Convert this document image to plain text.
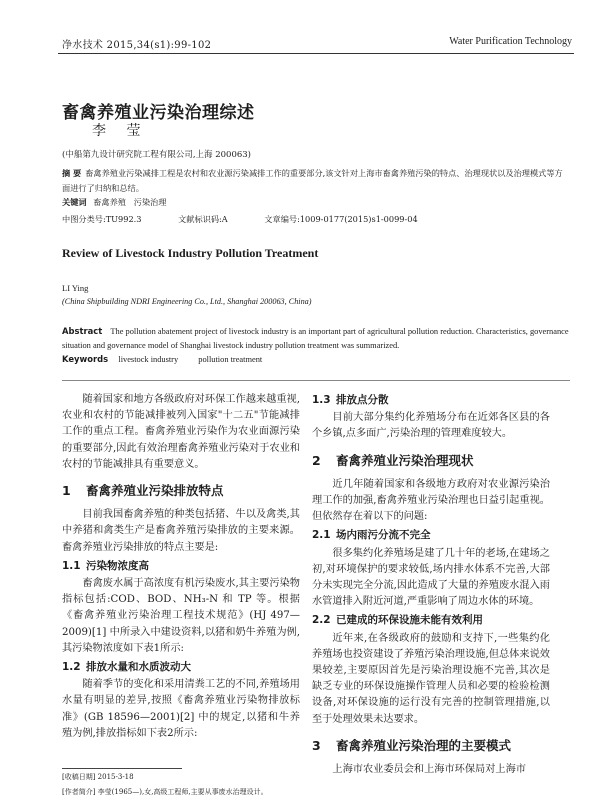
净水技术 2015,34(s1):99-102	Water Purification Technology
畜禽养殖业污染治理综述
李 莹
(中船第九设计研究院工程有限公司,上海 200063)
摘 要 畜禽养殖业污染减排工程是农村和农业源污染减排工作的重要部分,该文针对上海市畜禽养殖污染的特点、治理现状以及治理模式等方面进行了归纳和总结。
关键词 畜禽养殖 污染治理
中图分类号:TU992.3	文献标识码:A	文章编号:1009-0177(2015)s1-0099-04
Review of Livestock Industry Pollution Treatment
LI Ying
(China Shipbuilding NDRI Engineering Co., Ltd., Shanghai 200063, China)
Abstract The pollution abatement project of livestock industry is an important part of agricultural pollution reduction. Characteristics, governance situation and governance model of Shanghai livestock industry pollution treatment was summarized.
Keywords livestock industry pollution treatment

随着国家和地方各级政府对环保工作越来越重视,农业和农村的节能减排被列入国家"十二五"节能减排工作的重点工程。畜禽养殖业污染作为农业面源污染的重要部分,因此有效治理畜禽养殖业污染对于农业和农村的节能减排具有重要意义。

1 畜禽养殖业污染排放特点

目前我国畜禽养殖的种类包括猪、牛以及禽类,其中养猪和禽类生产是畜禽养殖污染排放的主要来源。畜禽养殖业污染排放的特点主要是:

1.1 污染物浓度高

畜禽废水属于高浓度有机污染废水,其主要污染物指标包括:COD、BOD、NH₃-N 和 TP 等。根据《畜禽养殖业污染治理工程技术规范》(HJ 497—2009)[1] 中所录入中建设资料,以猪和奶牛养殖为例,其污染物浓度如下表1所示:

1.2 排放水量和水质波动大

随着季节的变化和采用清粪工艺的不同,养殖场用水量有明显的差异,按照《畜禽养殖业污染物排放标准》(GB 18596—2001)[2] 中的规定,以猪和牛养殖为例,排放指标如下表2所示:

1.3 排放点分散

目前大部分集约化养殖场分布在近郊各区县的各个乡镇,点多面广,污染治理的管理难度较大。

2 畜禽养殖业污染治理现状

近几年随着国家和各级地方政府对农业源污染治理工作的加强,畜禽养殖业污染治理也日益引起重视。但依然存在着以下的问题:

2.1 场内雨污分流不完全

很多集约化养殖场是建了几十年的老场,在建场之初,对环境保护的要求较低,场内排水体系不完善,大部分未实现完全分流,因此造成了大量的养殖废水混入雨水管道排入附近河道,严重影响了周边水体的环境。

2.2 已建成的环保设施未能有效利用

近年来,在各级政府的鼓励和支持下,一些集约化养殖场也投资建设了养殖污染治理设施,但总体来说效果较差,主要原因首先是污染治理设施不完善,其次是缺乏专业的环保设施操作管理人员和必要的检验检测设备,对环保设施的运行没有完善的控制管理措施,以至于处理效果未达要求。

3 畜禽养殖业污染治理的主要模式

上海市农业委员会和上海市环保局对上海市

[收稿日期] 2015-3-18
[作者简介] 李莹(1965—),女,高级工程师,主要从事废水治理设计。
